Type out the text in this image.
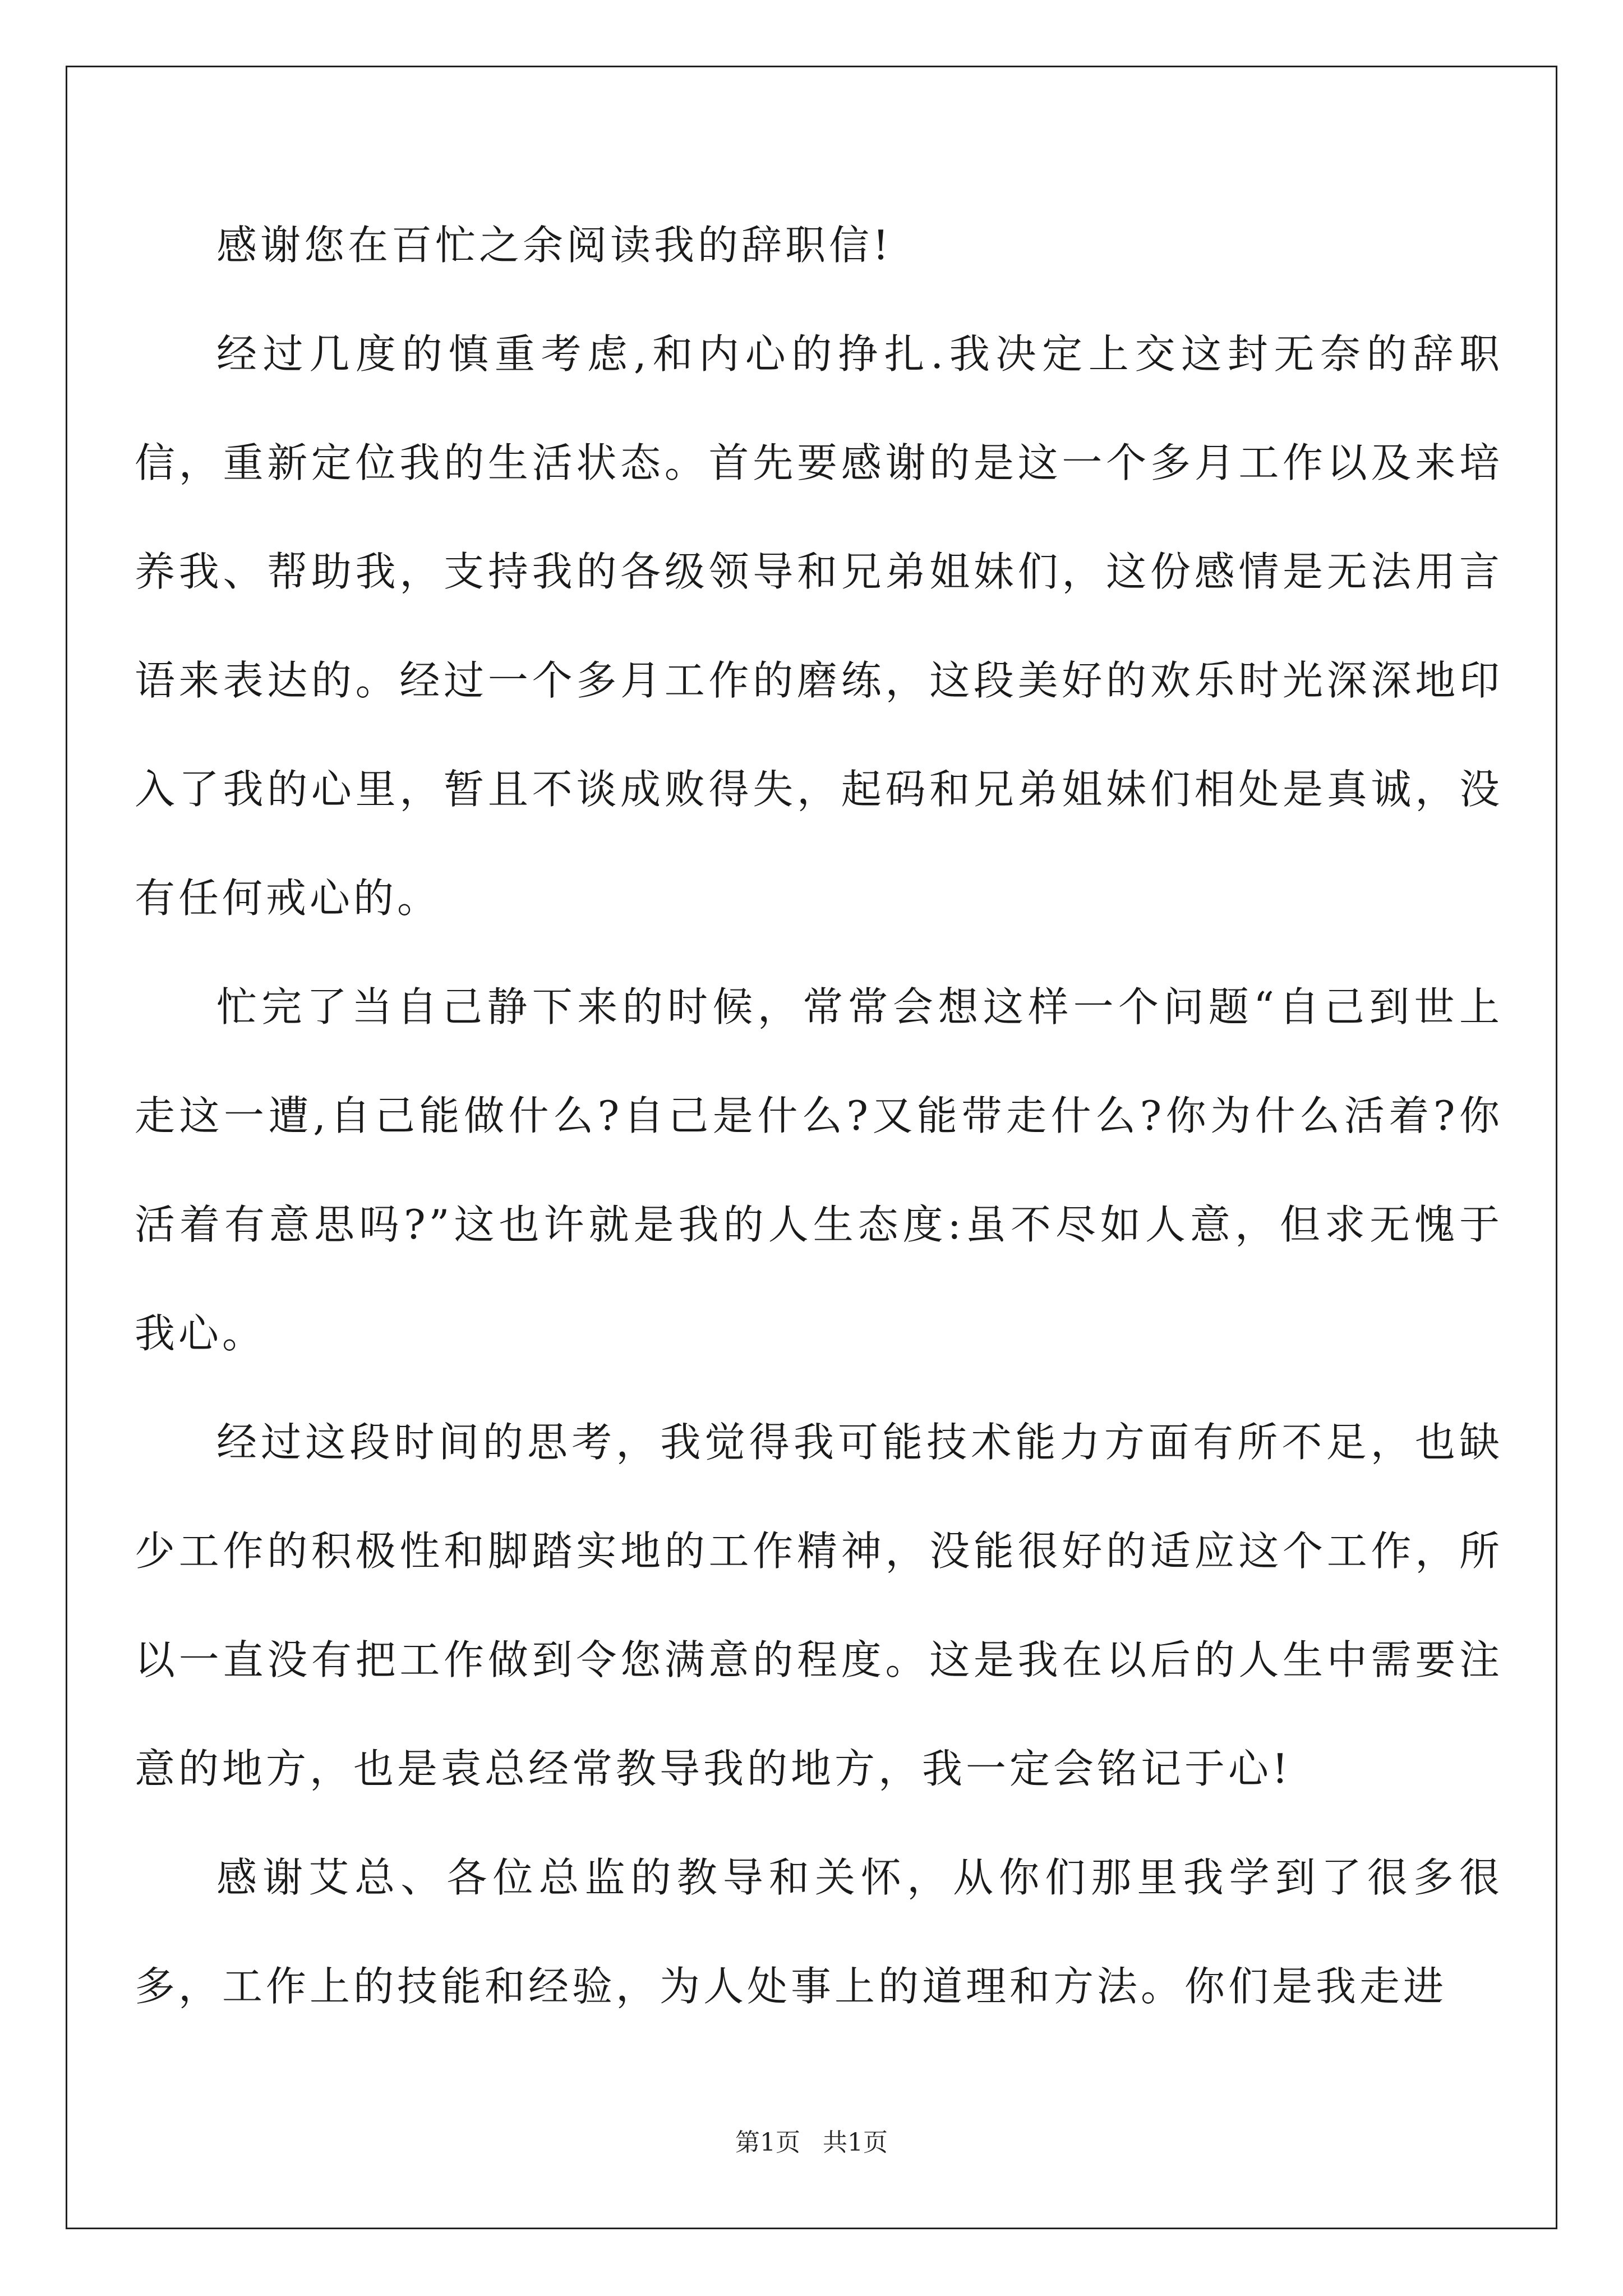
感谢您在百忙之余阅读我的辞职信!

经过几度的慎重考虑,和内心的挣扎.我决定上交这封无奈的辞职信，重新定位我的生活状态。首先要感谢的是这一个多月工作以及来培养我、帮助我，支持我的各级领导和兄弟姐妹们，这份感情是无法用言语来表达的。经过一个多月工作的磨练，这段美好的欢乐时光深深地印入了我的心里，暂且不谈成败得失，起码和兄弟姐妹们相处是真诚，没有任何戒心的。

忙完了当自己静下来的时候，常常会想这样一个问题“自己到世上走这一遭,自己能做什么?自己是什么?又能带走什么?你为什么活着?你活着有意思吗?”这也许就是我的人生态度:虽不尽如人意，但求无愧于我心。

经过这段时间的思考，我觉得我可能技术能力方面有所不足，也缺少工作的积极性和脚踏实地的工作精神，没能很好的适应这个工作，所以一直没有把工作做到令您满意的程度。这是我在以后的人生中需要注意的地方，也是袁总经常教导我的地方，我一定会铭记于心!

感谢艾总、各位总监的教导和关怀，从你们那里我学到了很多很多，工作上的技能和经验，为人处事上的道理和方法。你们是我走进

第1页 共1页
